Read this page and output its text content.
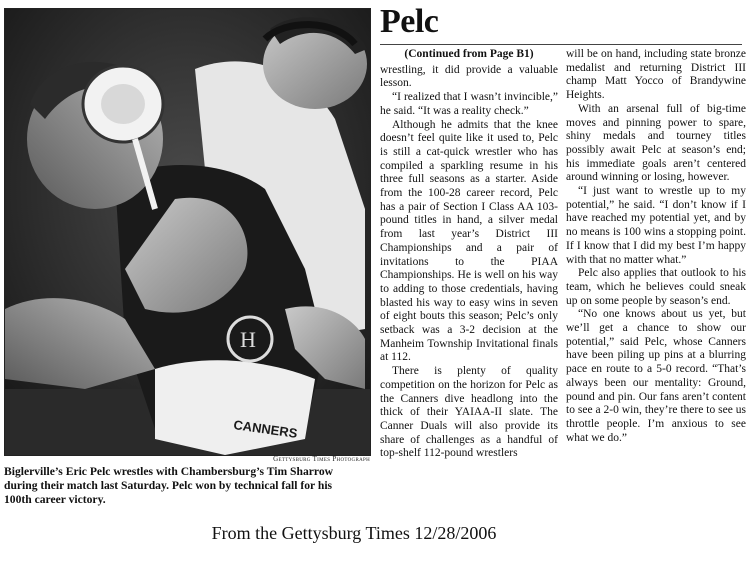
H
CANNERS
Gettysburg Times Photograph
Biglerville’s Eric Pelc wrestles with Chambersburg’s Tim Sharrow
during their match last Saturday. Pelc won by technical fall for his
100th career victory.
Pelc
(Continued from Page B1)

wrestling, it did provide a valuable lesson.

“I realized that I wasn’t invincible,” he said. “It was a reality check.”

Although he admits that the knee doesn’t feel quite like it used to, Pelc is still a cat-quick wrestler who has compiled a sparkling resume in his three full seasons as a starter. Aside from the 100-28 career record, Pelc has a pair of Section I Class AA 103-pound titles in hand, a silver medal from last year’s District III Championships and a pair of invitations to the PIAA Championships. He is well on his way to adding to those credentials, having blasted his way to easy wins in seven of eight bouts this season; Pelc’s only setback was a 3-2 decision at the Manheim Township Invitational finals at 112.

There is plenty of quality competition on the horizon for Pelc as the Canners dive headlong into the thick of their YAIAA-II slate. The Canner Duals will also provide its share of challenges as a handful of top-shelf 112-pound wrestlers

will be on hand, including state bronze medalist and returning District III champ Matt Yocco of Brandywine Heights.

With an arsenal full of big-time moves and pinning power to spare, shiny medals and tourney titles possibly await Pelc at season’s end; his immediate goals aren’t centered around winning or losing, however.

“I just want to wrestle up to my potential,” he said. “I don’t know if I have reached my potential yet, and by no means is 100 wins a stopping point. If I know that I did my best I’m happy with that no matter what.”

Pelc also applies that outlook to his team, which he believes could sneak up on some people by season’s end.

“No one knows about us yet, but we’ll get a chance to show our potential,” said Pelc, whose Canners have been piling up pins at a blurring pace en route to a 5-0 record. “That’s always been our mentality: Ground, pound and pin. Our fans aren’t content to see a 2-0 win, they’re there to see us throttle people. I’m anxious to see what we do.”

From the Gettysburg Times 12/28/2006
